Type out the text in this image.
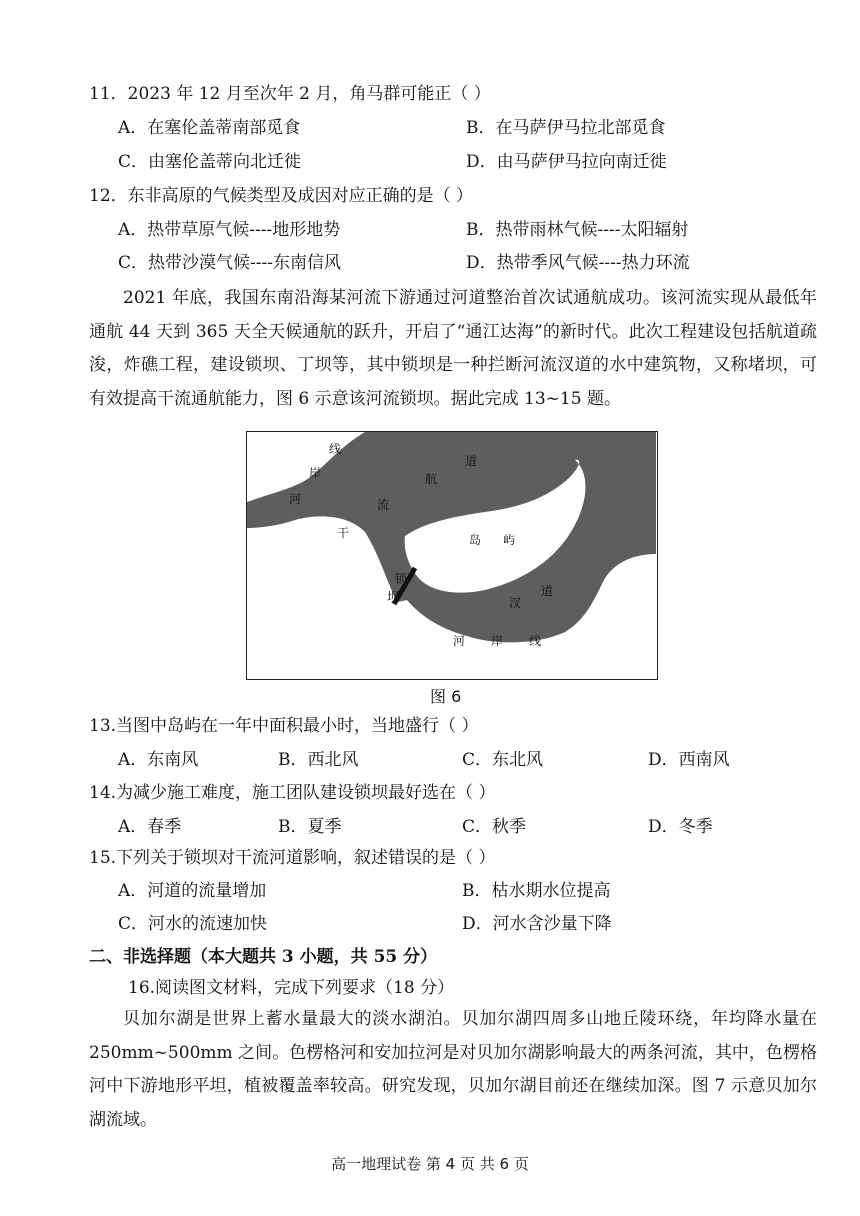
11．2023 年 12 月至次年 2 月，角马群可能正（ ）
A．在塞伦盖蒂南部觅食	B．在马萨伊马拉北部觅食
C．由塞伦盖蒂向北迁徙	D．由马萨伊马拉向南迁徙
12．东非高原的气候类型及成因对应正确的是（ ）
A．热带草原气候----地形地势	B．热带雨林气候----太阳辐射
C．热带沙漠气候----东南信风	D．热带季风气候----热力环流
2021 年底，我国东南沿海某河流下游通过河道整治首次试通航成功。该河流实现从最低年通航 44 天到 365 天全天候通航的跃升，开启了“通江达海”的新时代。此次工程建设包括航道疏浚，炸礁工程，建设锁坝、丁坝等，其中锁坝是一种拦断河流汊道的水中建筑物，又称堵坝，可有效提高干流通航能力，图 6 示意该河流锁坝。据此完成 13~15 题。
线
岸
河
道
航
流
干	岛 屿
锁
坝	道
汊
河 岸 线
图 6
13.当图中岛屿在一年中面积最小时，当地盛行（ ）
A．东南风	B．西北风	C．东北风	D．西南风
14.为减少施工难度，施工团队建设锁坝最好选在（ ）
A．春季	B．夏季	C．秋季	D．冬季
15.下列关于锁坝对干流河道影响，叙述错误的是（ ）
A．河道的流量增加	B．枯水期水位提高
C．河水的流速加快	D．河水含沙量下降
二、非选择题（本大题共 3 小题，共 55 分）
16.阅读图文材料，完成下列要求（18 分）
贝加尔湖是世界上蓄水量最大的淡水湖泊。贝加尔湖四周多山地丘陵环绕，年均降水量在 250mm~500mm 之间。色楞格河和安加拉河是对贝加尔湖影响最大的两条河流，其中，色楞格河中下游地形平坦，植被覆盖率较高。研究发现，贝加尔湖目前还在继续加深。图 7 示意贝加尔湖流域。
高一地理试卷 第 4 页 共 6 页
